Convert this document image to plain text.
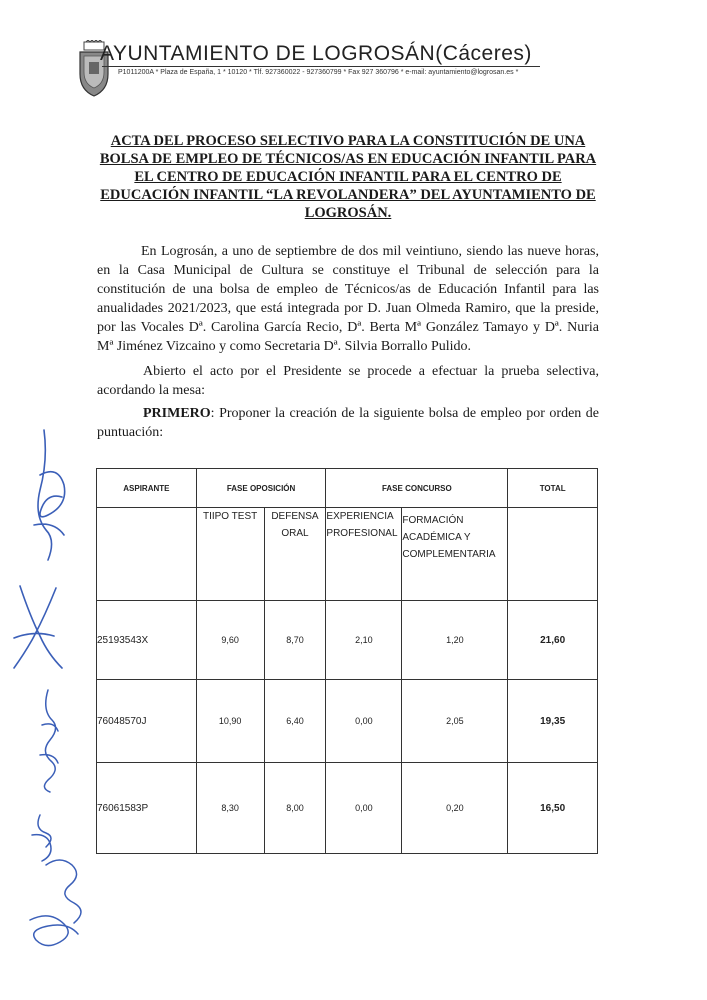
AYUNTAMIENTO DE LOGROSÁN(Cáceres)
P1011200A * Plaza de España, 1 * 10120 * Tlf. 927360022 - 927360799 * Fax 927 360796 * e-mail: ayuntamiento@logrosan.es *
ACTA DEL PROCESO SELECTIVO PARA LA CONSTITUCIÓN DE UNA BOLSA DE EMPLEO DE TÉCNICOS/AS EN EDUCACIÓN INFANTIL PARA EL CENTRO DE EDUCACIÓN INFANTIL PARA EL CENTRO DE EDUCACIÓN INFANTIL “LA REVOLANDERA” DEL AYUNTAMIENTO DE LOGROSÁN.
En Logrosán, a uno de septiembre de dos mil veintiuno, siendo las nueve horas, en la Casa Municipal de Cultura se constituye el Tribunal de selección para la constitución de una bolsa de empleo de Técnicos/as de Educación Infantil para las anualidades 2021/2023, que está integrada por D. Juan Olmeda Ramiro, que la preside, por las Vocales Dª. Carolina García Recio, Dª. Berta Mª González Tamayo y Dª. Nuria Mª Jiménez Vizcaino y como Secretaria Dª. Silvia Borrallo Pulido.
Abierto el acto por el Presidente se procede a efectuar la prueba selectiva, acordando la mesa:
PRIMERO: Proponer la creación de la siguiente bolsa de empleo por orden de puntuación:
ASPIRANTE	FASE OPOSICIÓN		FASE CONCURSO		TOTAL
	TIIPO TEST	DEFENSA ORAL	EXPERIENCIA PROFESIONAL	FORMACIÓN ACADÉMICA Y COMPLEMENTARIA	
25193543X	9,60	8,70	2,10	1,20	21,60
76048570J	10,90	6,40	0,00	2,05	19,35
76061583P	8,30	8,00	0,00	0,20	16,50
